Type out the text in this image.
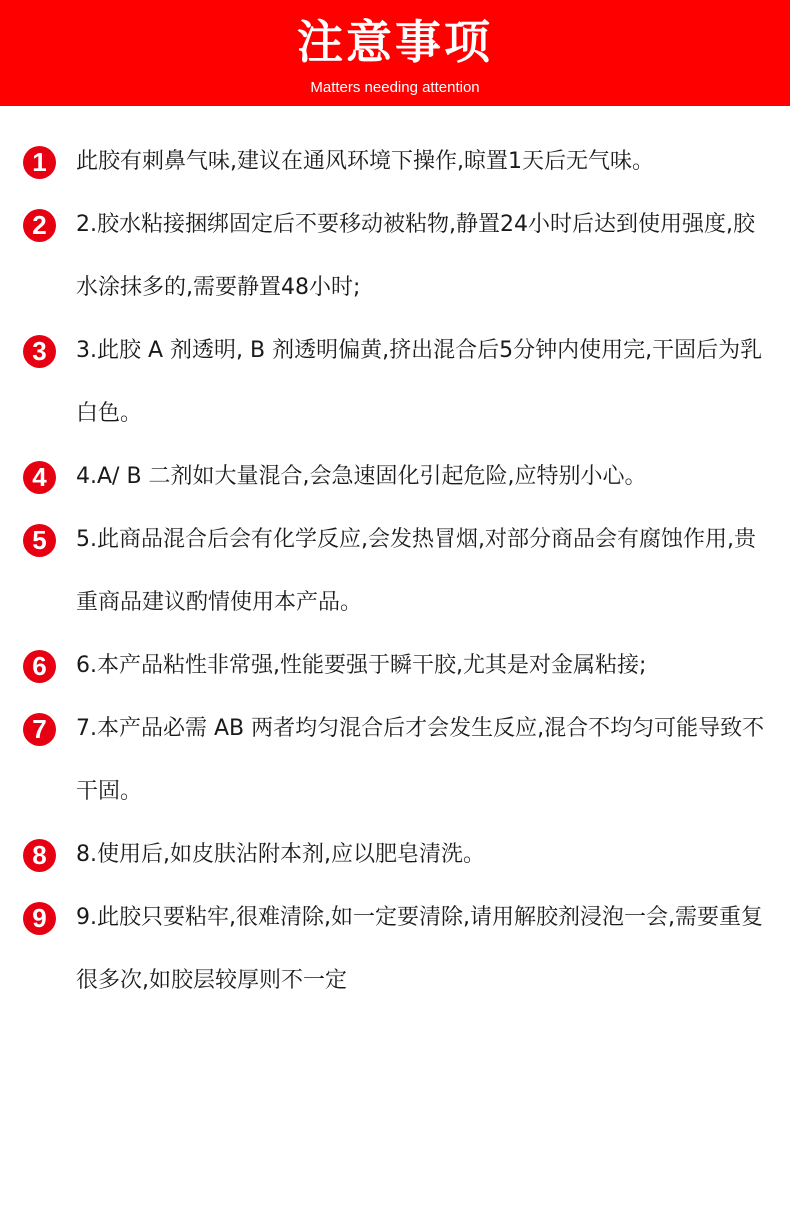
注意事项
Matters needing attention
1	此胶有刺鼻气味,建议在通风环境下操作,晾置1天后无气味。
2	2.胶水粘接捆绑固定后不要移动被粘物,静置24小时后达到使用强度,胶水涂抹多的,需要静置48小时;
3	3.此胶 A 剂透明, B 剂透明偏黄,挤出混合后5分钟内使用完,干固后为乳白色。
4	4.A/ B 二剂如大量混合,会急速固化引起危险,应特别小心。
5	5.此商品混合后会有化学反应,会发热冒烟,对部分商品会有腐蚀作用,贵重商品建议酌情使用本产品。
6	6.本产品粘性非常强,性能要强于瞬干胶,尤其是对金属粘接;
7	7.本产品必需 AB 两者均匀混合后才会发生反应,混合不均匀可能导致不干固。
8	8.使用后,如皮肤沾附本剂,应以肥皂清洗。
9	9.此胶只要粘牢,很难清除,如一定要清除,请用解胶剂浸泡一会,需要重复很多次,如胶层较厚则不一定
